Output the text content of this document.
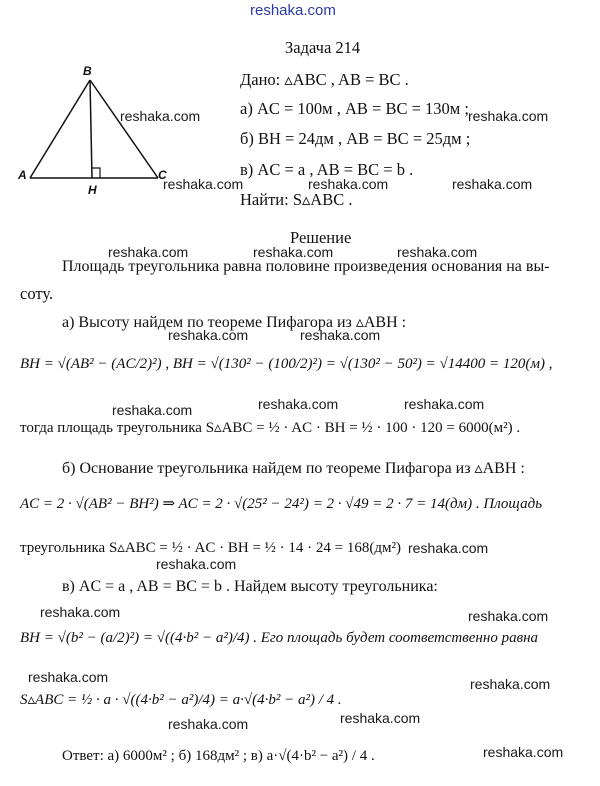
reshaka.com
B
A	C
H
Задача 214
Дано: ▵ABC , AB = BC .
а) AC = 100м , AB = BC = 130м ;
б) BH = 24дм , AB = BC = 25дм ;
в) AC = a , AB = BC = b .
Найти: S▵ABC .
reshaka.com	reshaka.com
reshaka.com	reshaka.com	reshaka.com
Решение
reshaka.com	reshaka.com	reshaka.com
Площадь треугольника равна половине произведения основания на вы-
соту.
а) Высоту найдем по теореме Пифагора из ▵ABH :
reshaka.com	reshaka.com
BH = √(AB² − (AC/2)²) , BH = √(130² − (100/2)²) = √(130² − 50²) = √14400 = 120(м) ,
reshaka.com	reshaka.com	reshaka.com
тогда площадь треугольника S▵ABC = ½ · AC · BH = ½ · 100 · 120 = 6000(м²) .
б) Основание треугольника найдем по теореме Пифагора из ▵ABH :
AC = 2 · √(AB² − BH²) ⇒ AC = 2 · √(25² − 24²) = 2 · √49 = 2 · 7 = 14(дм) . Площадь
треугольника S▵ABC = ½ · AC · BH = ½ · 14 · 24 = 168(дм²) reshaka.com
reshaka.com
в) AC = a , AB = BC = b . Найдем высоту треугольника:
reshaka.com	reshaka.com
BH = √(b² − (a/2)²) = √((4·b² − a²)/4) . Его площадь будет соответственно равна
reshaka.com	reshaka.com
S▵ABC = ½ · a · √((4·b² − a²)/4) = a·√(4·b² − a²) / 4 .
reshaka.com	reshaka.com
Ответ: а) 6000м² ; б) 168дм² ; в) a·√(4·b² − a²) / 4 .	reshaka.com
